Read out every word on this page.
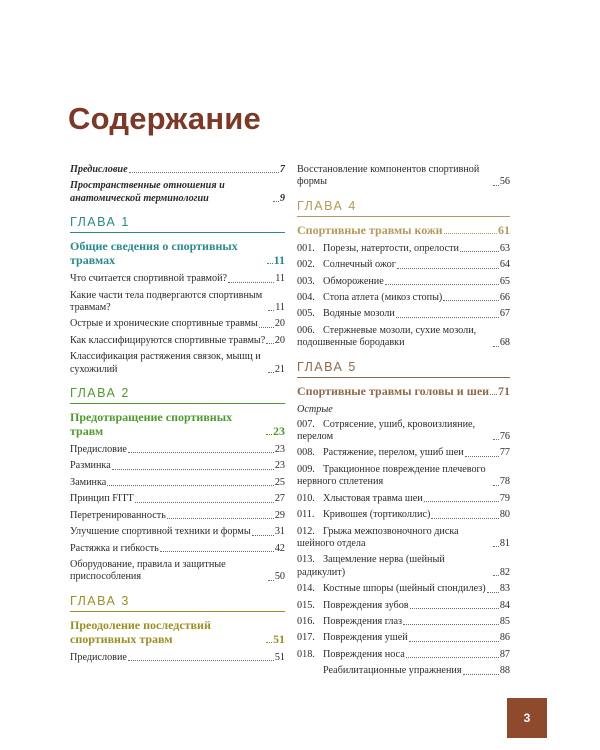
Содержание
Предисловие	7
Пространственные отношения и анатомической терминологии	9
ГЛАВА 1
Общие сведения о спортивных травмах	11
Что считается спортивной травмой?	11
Какие части тела подвергаются спортивным травмам?	11
Острые и хронические спортивные травмы 20
Как классифицируются спортивные травмы? 20
Классификация растяжения связок, мышц и сухожилий	21
ГЛАВА 2
Предотвращение спортивных травм	23
Предисловие	23
Разминка	23
Заминка	25
Принцип FITT	27
Перетренированность	29
Улучшение спортивной техники и формы 31
Растяжка и гибкость	42
Оборудование, правила и защитные приспособления	50
ГЛАВА 3
Преодоление последствий спортивных травм	51
Предисловие	51
Восстановление компонентов спортивной формы	56
ГЛАВА 4
Спортивные травмы кожи	61
001. Порезы, натертости, опрелости	63
002. Солнечный ожог	64
003. Обморожение	65
004. Стопа атлета (микоз стопы)	66
005. Водяные мозоли	67
006. Стержневые мозоли, сухие мозоли, подошвенные бородавки	68
ГЛАВА 5
Спортивные травмы головы и шеи 71
Острые
007. Сотрясение, ушиб, кровоизлияние, перелом	76
008. Растяжение, перелом, ушиб шеи	77
009. Тракционное повреждение плечевого нервного сплетения	78
010. Хлыстовая травма шеи	79
011. Кривошея (тортиколлис)	80
012. Грыжа межпозвоночного диска шейного отдела	81
013. Защемление нерва (шейный радикулит)	82
014. Костные шпоры (шейный спондилез) 83
015. Повреждения зубов	84
016. Повреждения глаз	85
017. Повреждения ушей	86
018. Повреждения носа	87
Реабилитационные упражнения	88
3
